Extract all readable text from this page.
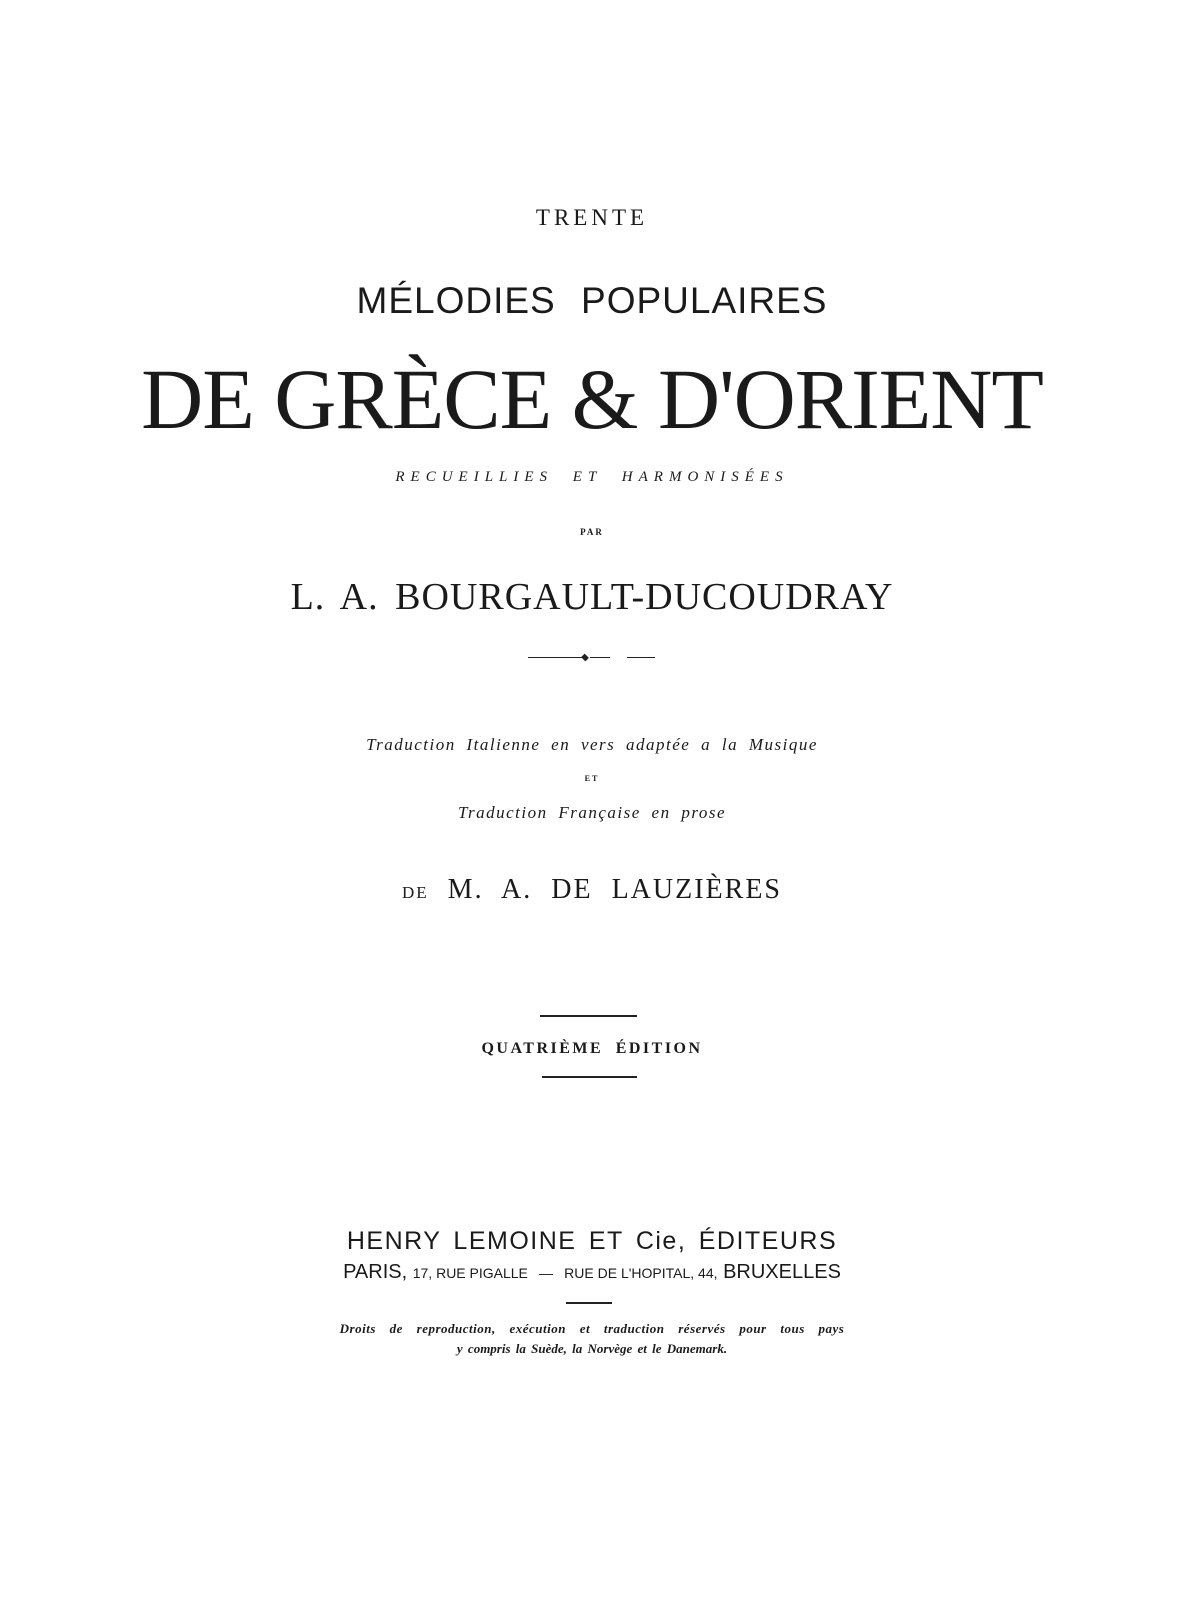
TRENTE
MÉLODIES POPULAIRES
DE GRÈCE & D'ORIENT
RECUEILLIES ET HARMONISÉES
PAR
L. A. BOURGAULT-DUCOUDRAY
Traduction Italienne en vers adaptée a la Musique
ET
Traduction Française en prose
DE M. A. DE LAUZIÈRES
QUATRIÈME ÉDITION
HENRY LEMOINE ET Cie, ÉDITEURS
PARIS, 17, RUE PIGALLE — RUE DE L'HOPITAL, 44, BRUXELLES
Droits de reproduction, exécution et traduction réservés pour tous pays
y compris la Suède, la Norvège et le Danemark.
